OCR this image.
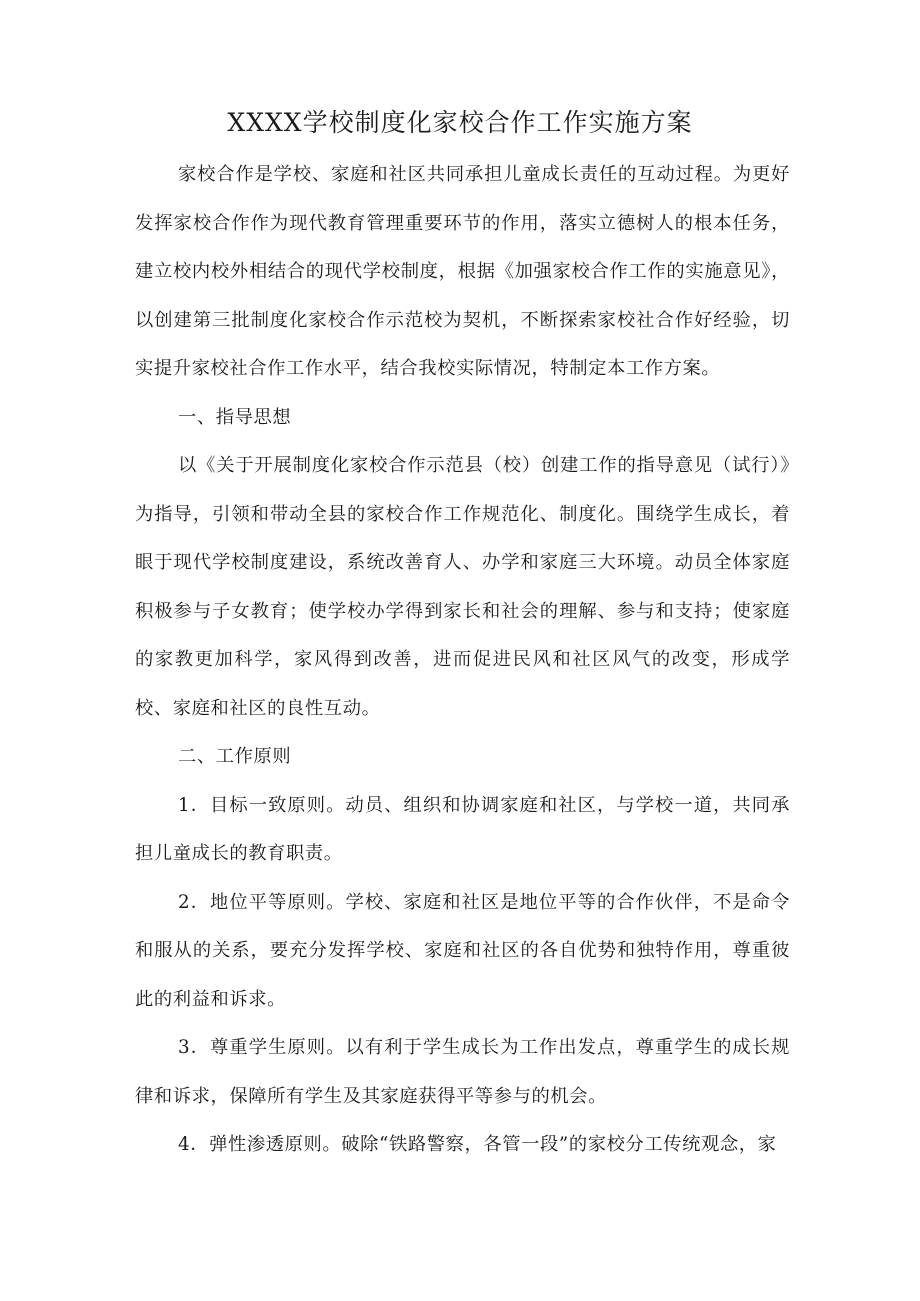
XXXX学校制度化家校合作工作实施方案

家校合作是学校、家庭和社区共同承担儿童成长责任的互动过程。为更好发挥家校合作作为现代教育管理重要环节的作用，落实立德树人的根本任务，建立校内校外相结合的现代学校制度，根据《加强家校合作工作的实施意见》，以创建第三批制度化家校合作示范校为契机，不断探索家校社合作好经验，切实提升家校社合作工作水平，结合我校实际情况，特制定本工作方案。

一、指导思想

以《关于开展制度化家校合作示范县（校）创建工作的指导意见（试行）》为指导，引领和带动全县的家校合作工作规范化、制度化。围绕学生成长，着眼于现代学校制度建设，系统改善育人、办学和家庭三大环境。动员全体家庭积极参与子女教育；使学校办学得到家长和社会的理解、参与和支持；使家庭的家教更加科学，家风得到改善，进而促进民风和社区风气的改变，形成学校、家庭和社区的良性互动。

二、工作原则

1．目标一致原则。动员、组织和协调家庭和社区，与学校一道，共同承担儿童成长的教育职责。

2．地位平等原则。学校、家庭和社区是地位平等的合作伙伴，不是命令和服从的关系，要充分发挥学校、家庭和社区的各自优势和独特作用，尊重彼此的利益和诉求。

3．尊重学生原则。以有利于学生成长为工作出发点，尊重学生的成长规律和诉求，保障所有学生及其家庭获得平等参与的机会。

4．弹性渗透原则。破除“铁路警察，各管一段”的家校分工传统观念，家
